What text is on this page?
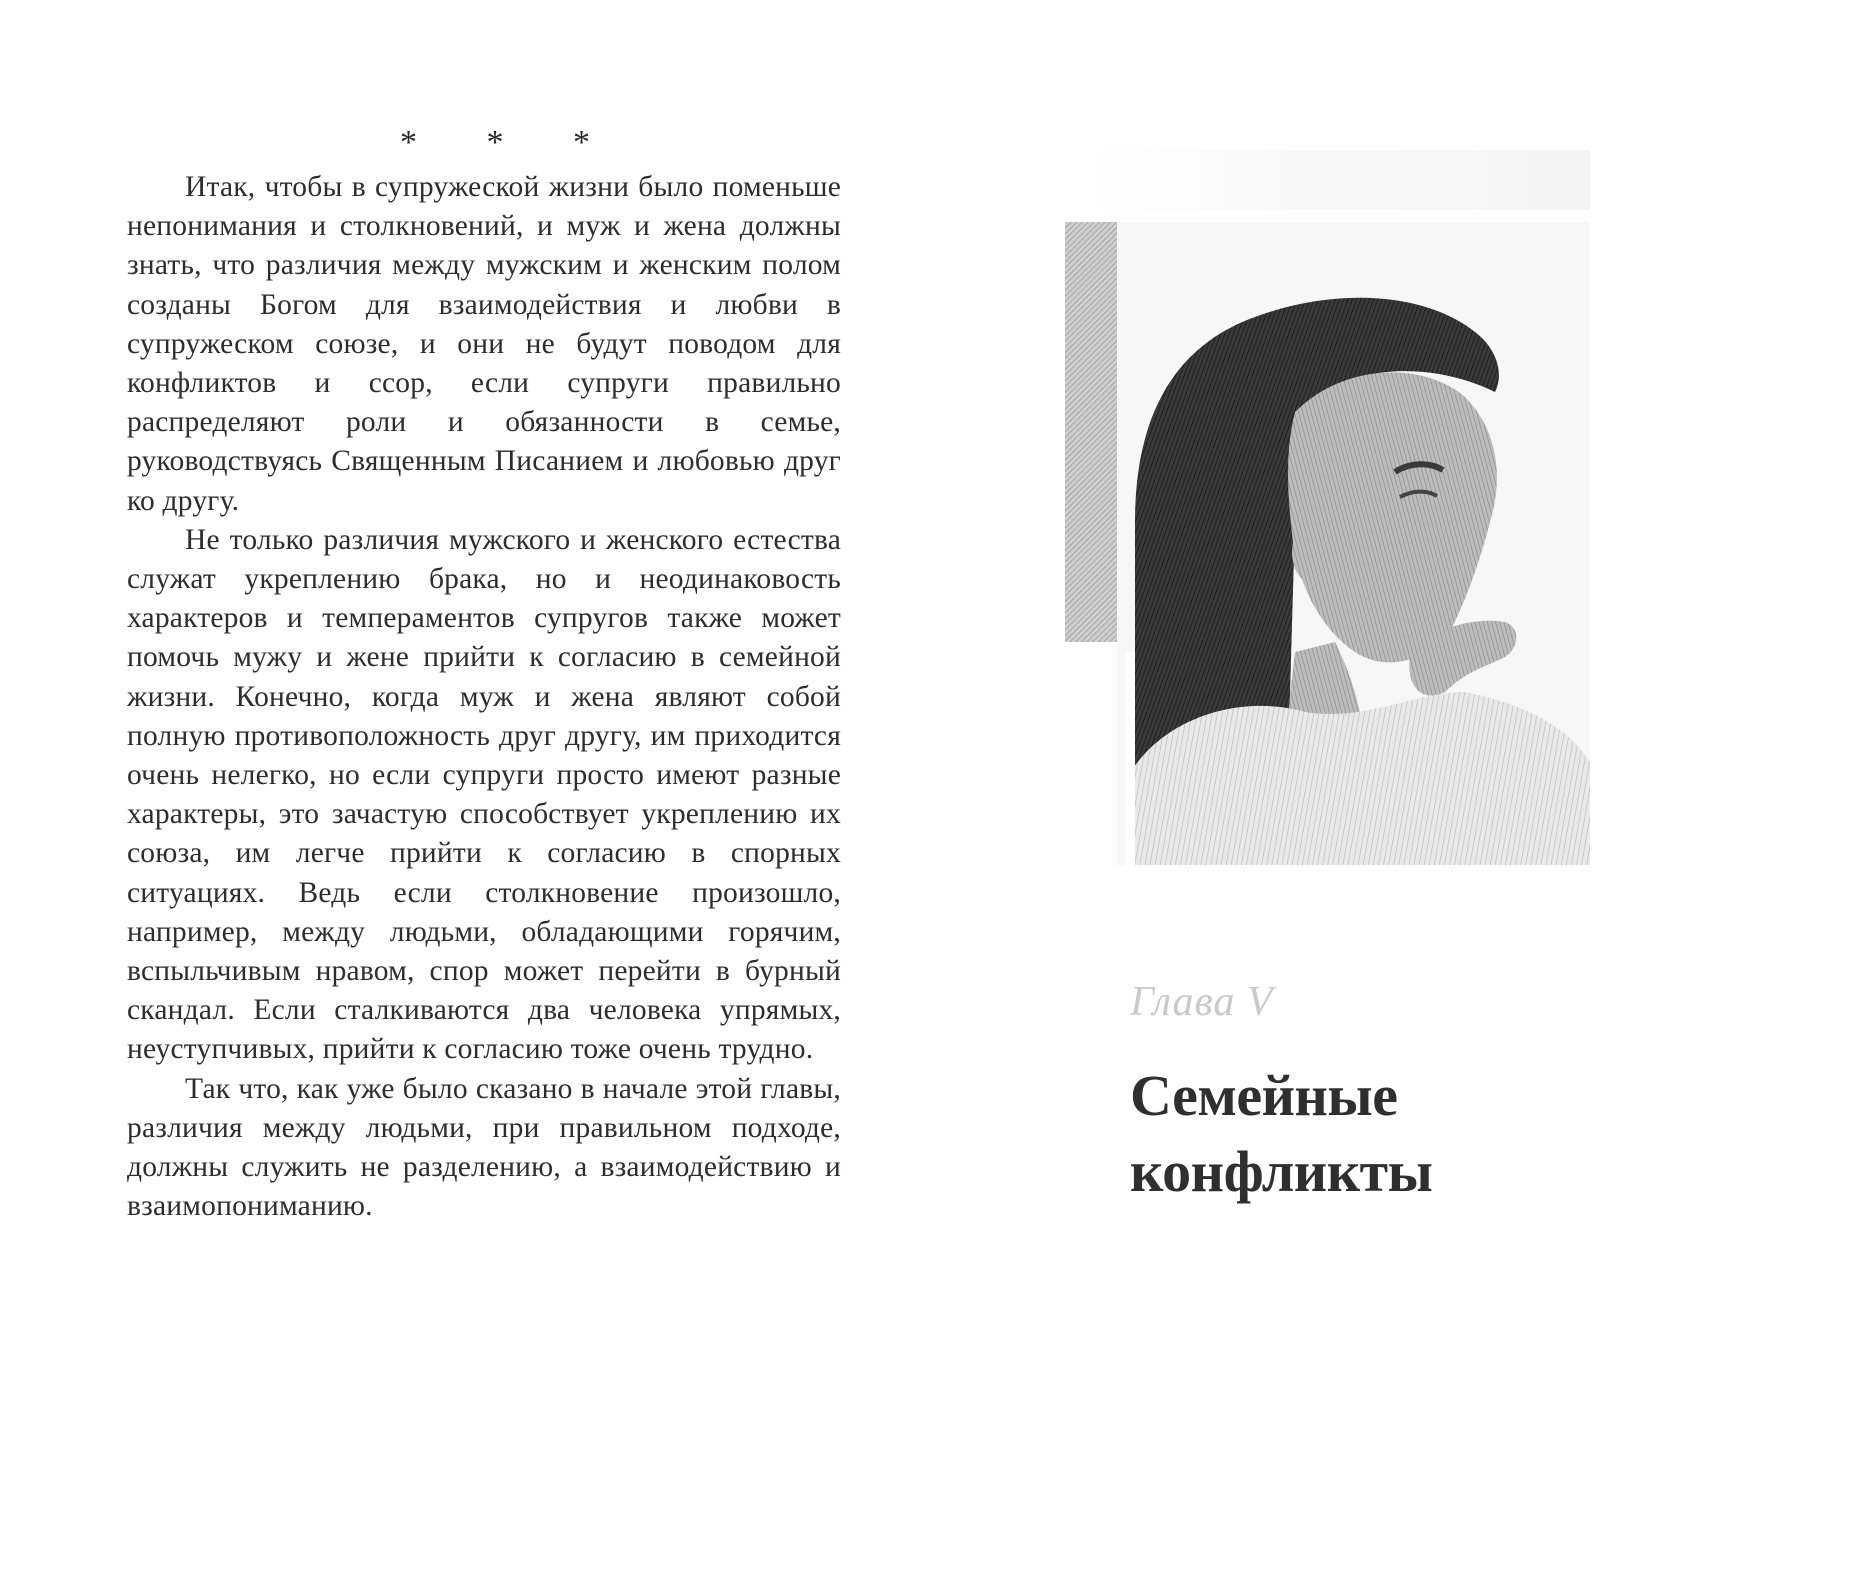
* * *

Итак, чтобы в супружеской жизни было поменьше непонимания и столкновений, и муж и жена должны знать, что различия между мужским и женским полом созданы Богом для взаимодействия и любви в супружеском союзе, и они не будут поводом для конфликтов и ссор, если супруги правильно распределяют роли и обязанности в семье, руководствуясь Священным Писанием и любовью друг ко другу.

Не только различия мужского и женского естества служат укреплению брака, но и неодинаковость характеров и темпераментов супругов также может помочь мужу и жене прийти к согласию в семейной жизни. Конечно, когда муж и жена являют собой полную противоположность друг другу, им приходится очень нелегко, но если супруги просто имеют разные характеры, это зачастую способствует укреплению их союза, им легче прийти к согласию в спорных ситуациях. Ведь если столкновение произошло, например, между людьми, обладающими горячим, вспыльчивым нравом, спор может перейти в бурный скандал. Если сталкиваются два человека упрямых, неуступчивых, прийти к согласию тоже очень трудно.

Так что, как уже было сказано в начале этой главы, различия между людьми, при правильном подходе, должны служить не разделению, а взаимодействию и взаимопониманию.

Глава V
Семейные
конфликты
